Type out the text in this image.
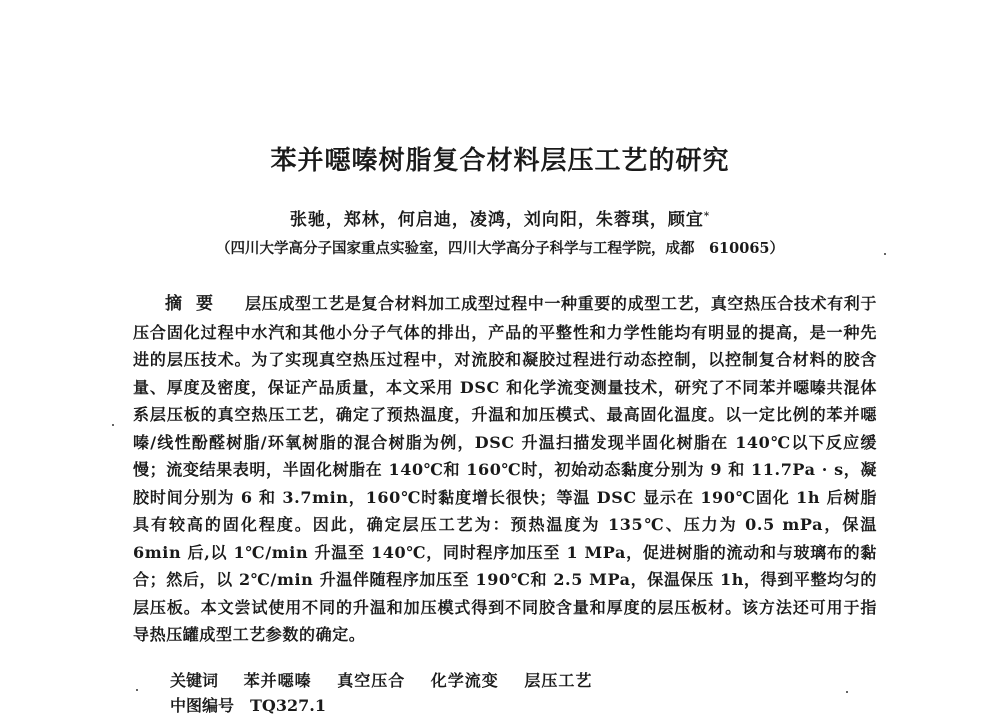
苯并噁嗪树脂复合材料层压工艺的研究
张驰，郑林，何启迪，凌鸿，刘向阳，朱蓉琪，顾宜*
（四川大学高分子国家重点实验室，四川大学高分子科学与工程学院，成都　610065）
摘要 层压成型工艺是复合材料加工成型过程中一种重要的成型工艺，真空热压合技术有利于压合固化过程中水汽和其他小分子气体的排出，产品的平整性和力学性能均有明显的提高，是一种先进的层压技术。为了实现真空热压过程中，对流胶和凝胶过程进行动态控制，以控制复合材料的胶含量、厚度及密度，保证产品质量，本文采用 DSC 和化学流变测量技术，研究了不同苯并噁嗪共混体系层压板的真空热压工艺，确定了预热温度，升温和加压模式、最高固化温度。以一定比例的苯并噁嗪/线性酚醛树脂/环氧树脂的混合树脂为例，DSC 升温扫描发现半固化树脂在 140℃以下反应缓慢；流变结果表明，半固化树脂在 140℃和 160℃时，初始动态黏度分别为 9 和 11.7Pa · s，凝胶时间分别为 6 和 3.7min，160℃时黏度增长很快；等温 DSC 显示在 190℃固化 1h 后树脂具有较高的固化程度。因此，确定层压工艺为：预热温度为 135℃、压力为 0.5 mPa，保温 6min 后,以 1℃/min 升温至 140℃，同时程序加压至 1 MPa，促进树脂的流动和与玻璃布的黏合；然后，以 2℃/min 升温伴随程序加压至 190℃和 2.5 MPa，保温保压 1h，得到平整均匀的层压板。本文尝试使用不同的升温和加压模式得到不同胶含量和厚度的层压板材。该方法还可用于指导热压罐成型工艺参数的确定。
关键词 苯并噁嗪 真空压合 化学流变 层压工艺
中图编号　TQ327.1
